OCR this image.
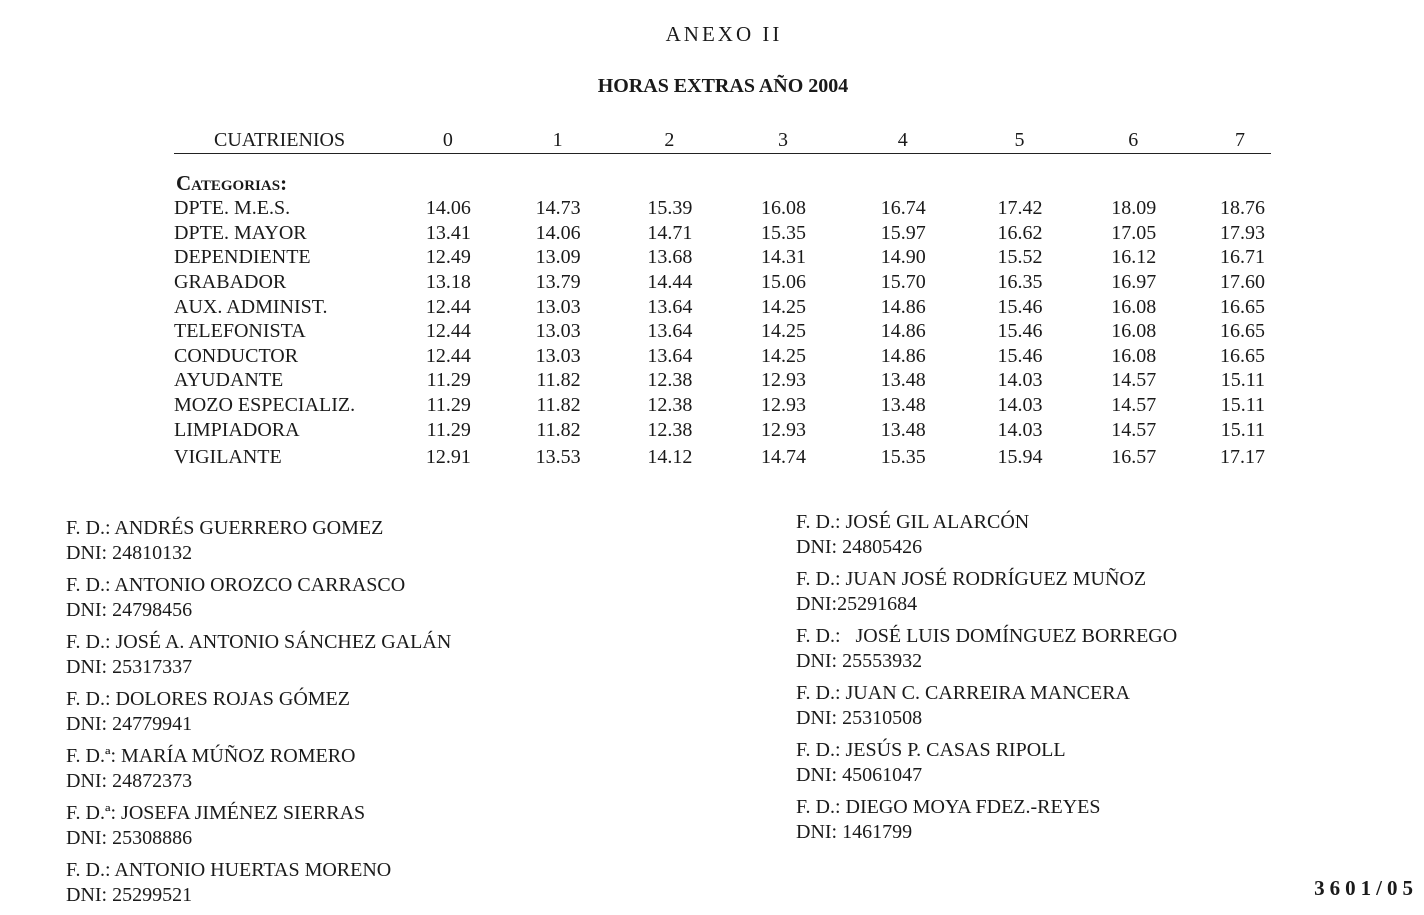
ANEXO II
HORAS EXTRAS AÑO 2004
CUATRIENIOS	0	1	2	3	4	5	6	7

Categorias:								
DPTE. M.E.S.	14.06	14.73	15.39	16.08	16.74	17.42	18.09	18.76
DPTE. MAYOR	13.41	14.06	14.71	15.35	15.97	16.62	17.05	17.93
DEPENDIENTE	12.49	13.09	13.68	14.31	14.90	15.52	16.12	16.71
GRABADOR	13.18	13.79	14.44	15.06	15.70	16.35	16.97	17.60
AUX. ADMINIST.	12.44	13.03	13.64	14.25	14.86	15.46	16.08	16.65
TELEFONISTA	12.44	13.03	13.64	14.25	14.86	15.46	16.08	16.65
CONDUCTOR	12.44	13.03	13.64	14.25	14.86	15.46	16.08	16.65
AYUDANTE	11.29	11.82	12.38	12.93	13.48	14.03	14.57	15.11
MOZO ESPECIALIZ.	11.29	11.82	12.38	12.93	13.48	14.03	14.57	15.11
LIMPIADORA	11.29	11.82	12.38	12.93	13.48	14.03	14.57	15.11
VIGILANTE	12.91	13.53	14.12	14.74	15.35	15.94	16.57	17.17
F. D.: ANDRÉS GUERRERO GOMEZ
DNI: 24810132
F. D.: ANTONIO OROZCO CARRASCO
DNI: 24798456
F. D.: JOSÉ A. ANTONIO SÁNCHEZ GALÁN
DNI: 25317337
F. D.: DOLORES ROJAS GÓMEZ
DNI: 24779941
F. D.ª: MARÍA MÚÑOZ ROMERO
DNI: 24872373
F. D.ª: JOSEFA JIMÉNEZ SIERRAS
DNI: 25308886
F. D.: ANTONIO HUERTAS MORENO
DNI: 25299521
F. D.: JOSÉ GIL ALARCÓN
DNI: 24805426
F. D.: JUAN JOSÉ RODRÍGUEZ MUÑOZ
DNI:25291684
F. D.:   JOSÉ LUIS DOMÍNGUEZ BORREGO
DNI: 25553932
F. D.: JUAN C. CARREIRA MANCERA
DNI: 25310508
F. D.: JESÚS P. CASAS RIPOLL
DNI: 45061047
F. D.: DIEGO MOYA FDEZ.-REYES
DNI: 1461799
3601/05
